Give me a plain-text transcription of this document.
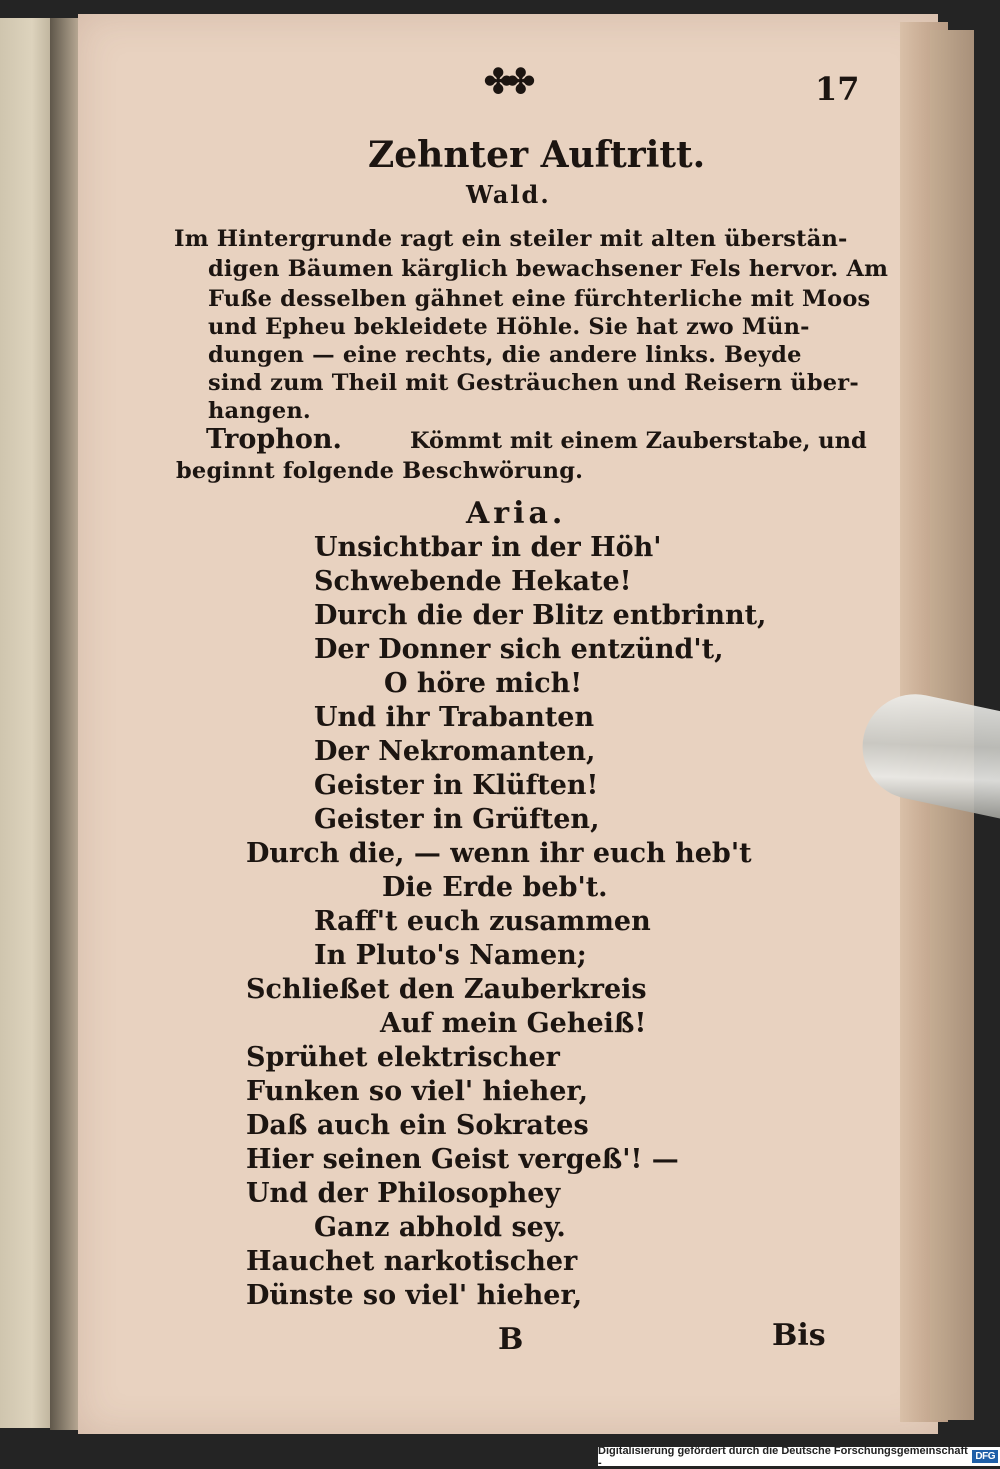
✤✤	17
Zehnter Auftritt.
Wald.
Im Hintergrunde ragt ein steiler mit alten überstän-
digen Bäumen kärglich bewachsener Fels hervor. Am
Fuße desselben gähnet eine fürchterliche mit Moos
und Epheu bekleidete Höhle. Sie hat zwo Mün-
dungen — eine rechts, die andere links. Beyde
sind zum Theil mit Gesträuchen und Reisern über-
hangen.
Trophon.	Kömmt mit einem Zauberstabe, und
beginnt folgende Beschwörung.
Aria.
Unsichtbar in der Höh'
Schwebende Hekate!
Durch die der Blitz entbrinnt,
Der Donner sich entzünd't,
O höre mich!
Und ihr Trabanten
Der Nekromanten,
Geister in Klüften!
Geister in Grüften,
Durch die, — wenn ihr euch heb't
Die Erde beb't.
Raff't euch zusammen
In Pluto's Namen;
Schließet den Zauberkreis
Auf mein Geheiß!
Sprühet elektrischer
Funken so viel' hieher,
Daß auch ein Sokrates
Hier seinen Geist vergeß'! —
Und der Philosophey
Ganz abhold sey.
Hauchet narkotischer
Dünste so viel' hieher,
B	Bis
Digitalisierung gefördert durch die Deutsche Forschungsgemeinschaft -	DFG
